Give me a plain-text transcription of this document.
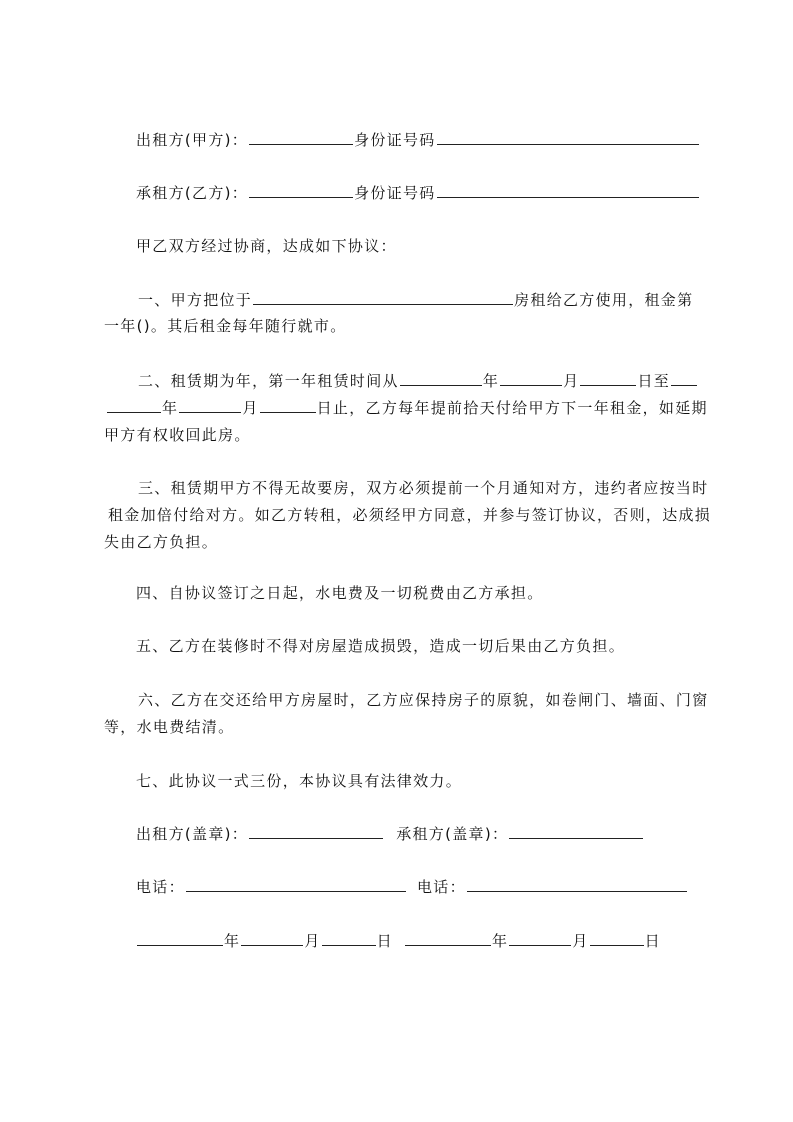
出租方(甲方)：	身份证号码
承租方(乙方)：	身份证号码
甲乙双方经过协商，达成如下协议：
一、甲方把位于	房租给乙方使用，租金第
一年()。其后租金每年随行就市。
二、租赁期为年，第一年租赁时间从	年	月	日至
年	月	日止，乙方每年提前拾天付给甲方下一年租金，如延期
甲方有权收回此房。
三、租赁期甲方不得无故要房，双方必须提前一个月通知对方，违约者应按当时
租金加倍付给对方。如乙方转租，必须经甲方同意，并参与签订协议，否则，达成损
失由乙方负担。
四、自协议签订之日起，水电费及一切税费由乙方承担。
五、乙方在装修时不得对房屋造成损毁，造成一切后果由乙方负担。
六、乙方在交还给甲方房屋时，乙方应保持房子的原貌，如卷闸门、墙面、门窗
等，水电费结清。
七、此协议一式三份，本协议具有法律效力。
出租方(盖章)：	承租方(盖章)：
电话：	电话：
年	月	日	年	月	日
